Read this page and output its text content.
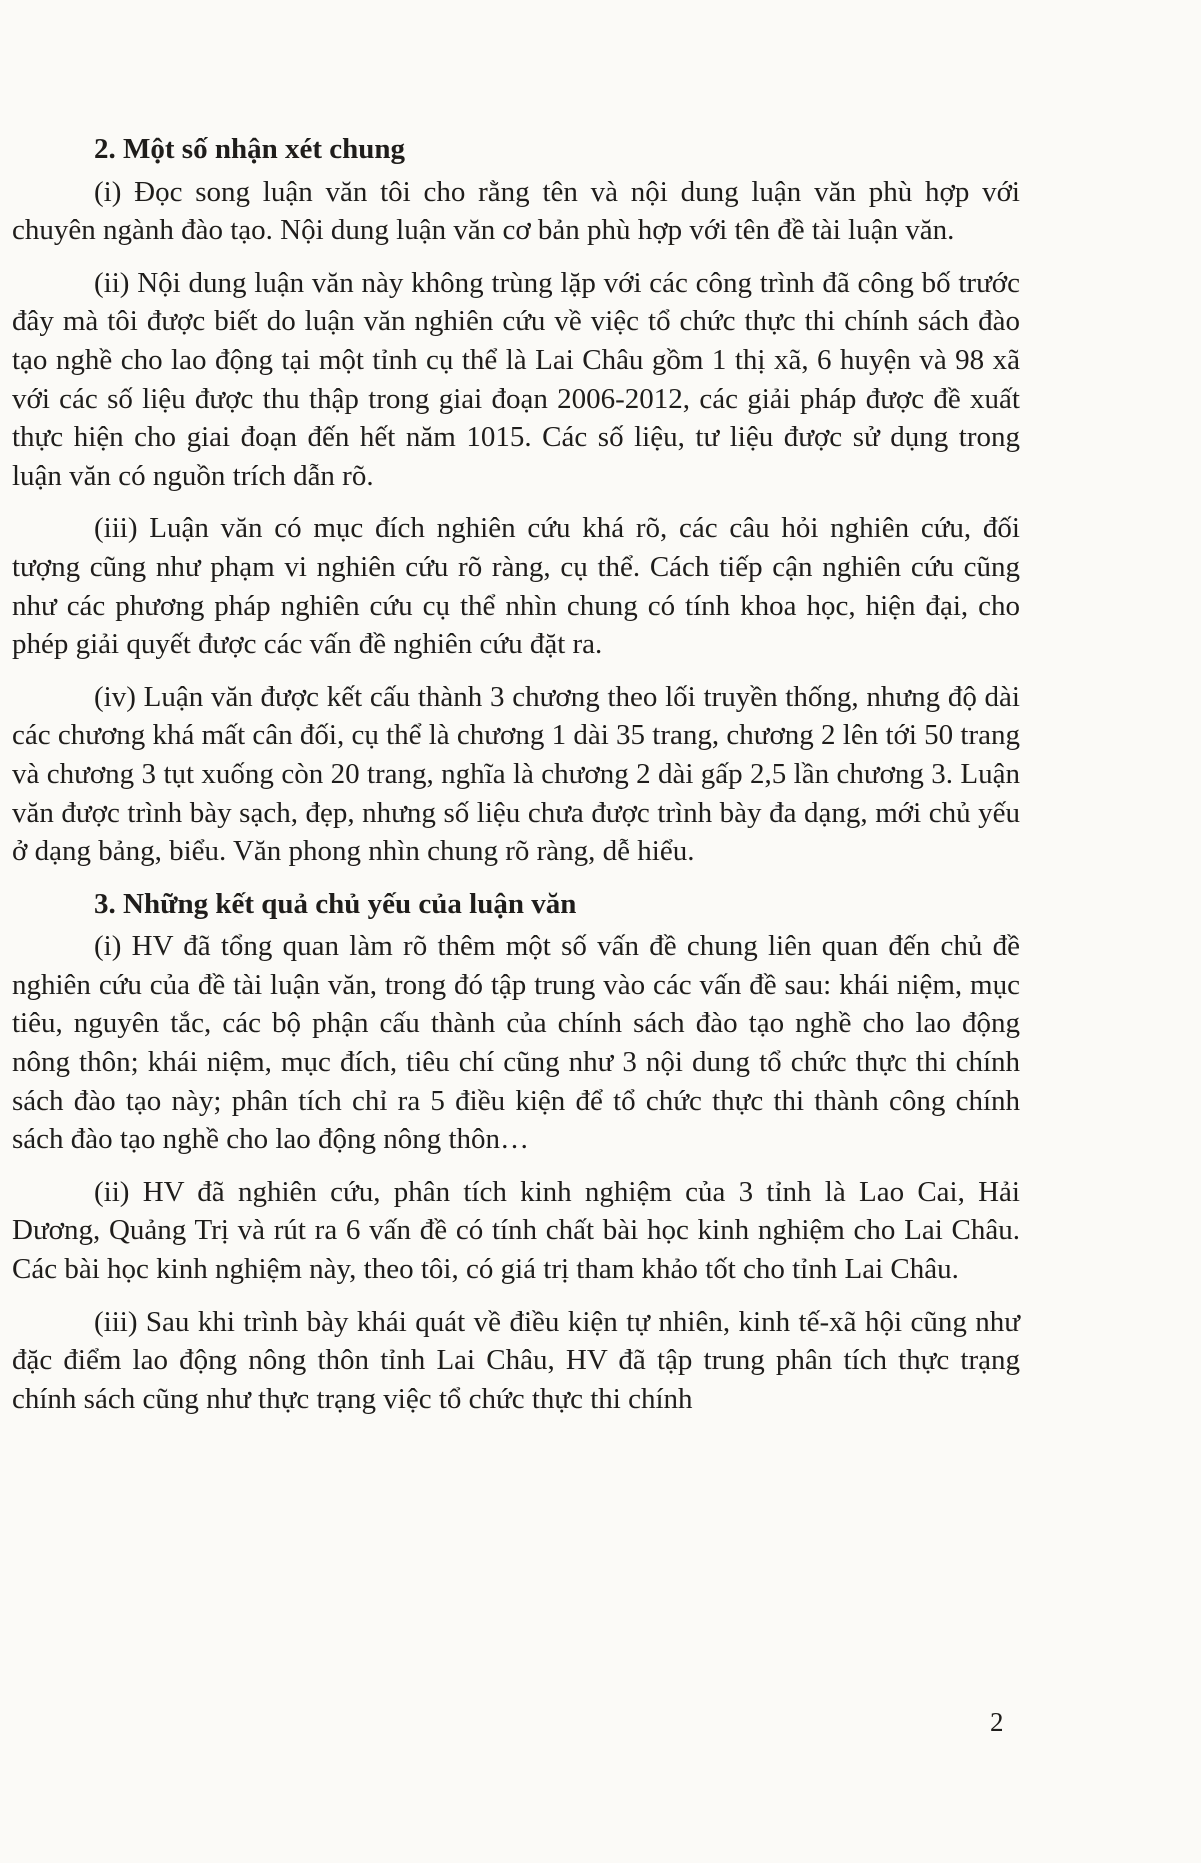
2. Một số nhận xét chung

(i) Đọc song luận văn tôi cho rằng tên và nội dung luận văn phù hợp với chuyên ngành đào tạo. Nội dung luận văn cơ bản phù hợp với tên đề tài luận văn.

(ii) Nội dung luận văn này không trùng lặp với các công trình đã công bố trước đây mà tôi được biết do luận văn nghiên cứu về việc tổ chức thực thi chính sách đào tạo nghề cho lao động tại một tỉnh cụ thể là Lai Châu gồm 1 thị xã, 6 huyện và 98 xã với các số liệu được thu thập trong giai đoạn 2006-2012, các giải pháp được đề xuất thực hiện cho giai đoạn đến hết năm 1015. Các số liệu, tư liệu được sử dụng trong luận văn có nguồn trích dẫn rõ.

(iii) Luận văn có mục đích nghiên cứu khá rõ, các câu hỏi nghiên cứu, đối tượng cũng như phạm vi nghiên cứu rõ ràng, cụ thể. Cách tiếp cận nghiên cứu cũng như các phương pháp nghiên cứu cụ thể nhìn chung có tính khoa học, hiện đại, cho phép giải quyết được các vấn đề nghiên cứu đặt ra.

(iv) Luận văn được kết cấu thành 3 chương theo lối truyền thống, nhưng độ dài các chương khá mất cân đối, cụ thể là chương 1 dài 35 trang, chương 2 lên tới 50 trang và chương 3 tụt xuống còn 20 trang, nghĩa là chương 2 dài gấp 2,5 lần chương 3. Luận văn được trình bày sạch, đẹp, nhưng số liệu chưa được trình bày đa dạng, mới chủ yếu ở dạng bảng, biểu. Văn phong nhìn chung rõ ràng, dễ hiểu.

3. Những kết quả chủ yếu của luận văn

(i) HV đã tổng quan làm rõ thêm một số vấn đề chung liên quan đến chủ đề nghiên cứu của đề tài luận văn, trong đó tập trung vào các vấn đề sau: khái niệm, mục tiêu, nguyên tắc, các bộ phận cấu thành của chính sách đào tạo nghề cho lao động nông thôn; khái niệm, mục đích, tiêu chí cũng như 3 nội dung tổ chức thực thi chính sách đào tạo này; phân tích chỉ ra 5 điều kiện để tổ chức thực thi thành công chính sách đào tạo nghề cho lao động nông thôn…

(ii) HV đã nghiên cứu, phân tích kinh nghiệm của 3 tỉnh là Lao Cai, Hải Dương, Quảng Trị và rút ra 6 vấn đề có tính chất bài học kinh nghiệm cho Lai Châu. Các bài học kinh nghiệm này, theo tôi, có giá trị tham khảo tốt cho tỉnh Lai Châu.

(iii) Sau khi trình bày khái quát về điều kiện tự nhiên, kinh tế-xã hội cũng như đặc điểm lao động nông thôn tỉnh Lai Châu, HV đã tập trung phân tích thực trạng chính sách cũng như thực trạng việc tổ chức thực thi chính

2
